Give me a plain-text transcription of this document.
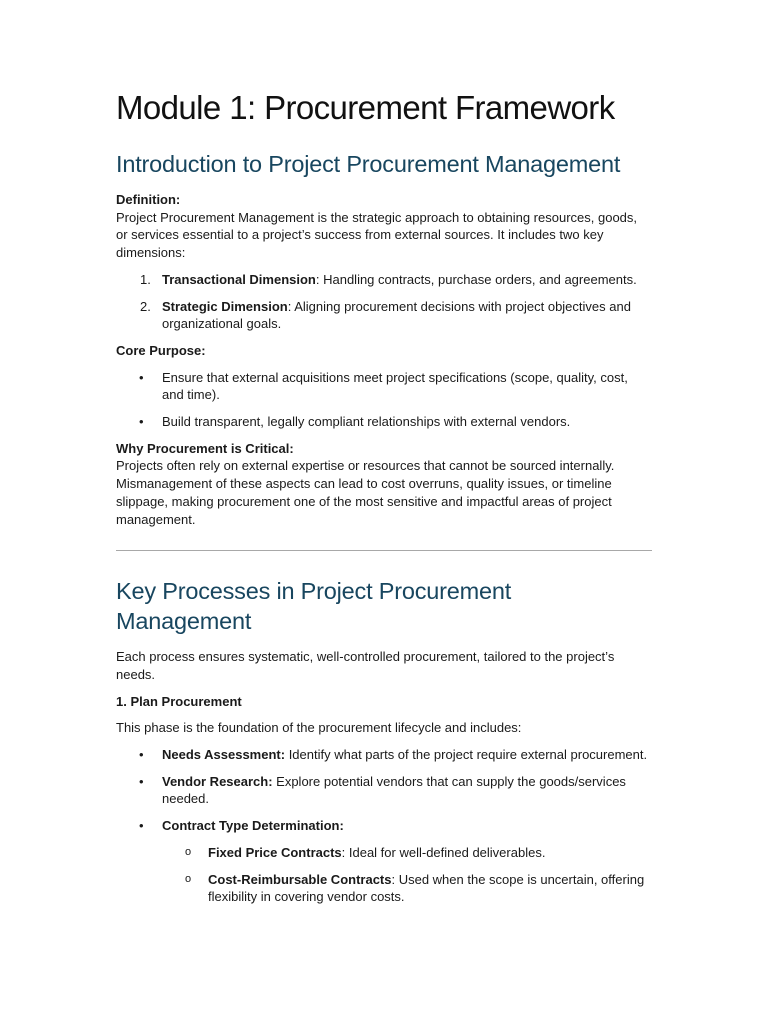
Module 1: Procurement Framework
Introduction to Project Procurement Management

Definition:

Project Procurement Management is the strategic approach to obtaining resources, goods, or services essential to a project’s success from external sources. It includes two key dimensions:

1. Transactional Dimension: Handling contracts, purchase orders, and agreements.
2. Strategic Dimension: Aligning procurement decisions with project objectives and organizational goals.

Core Purpose:

• Ensure that external acquisitions meet project specifications (scope, quality, cost, and time).
• Build transparent, legally compliant relationships with external vendors.

Why Procurement is Critical:

Projects often rely on external expertise or resources that cannot be sourced internally. Mismanagement of these aspects can lead to cost overruns, quality issues, or timeline slippage, making procurement one of the most sensitive and impactful areas of project management.

Key Processes in Project Procurement Management

Each process ensures systematic, well-controlled procurement, tailored to the project’s needs.

1. Plan Procurement

This phase is the foundation of the procurement lifecycle and includes:

• Needs Assessment: Identify what parts of the project require external procurement.
• Vendor Research: Explore potential vendors that can supply the goods/services needed.
• Contract Type Determination:
o Fixed Price Contracts: Ideal for well-defined deliverables.
o Cost-Reimbursable Contracts: Used when the scope is uncertain, offering flexibility in covering vendor costs.
